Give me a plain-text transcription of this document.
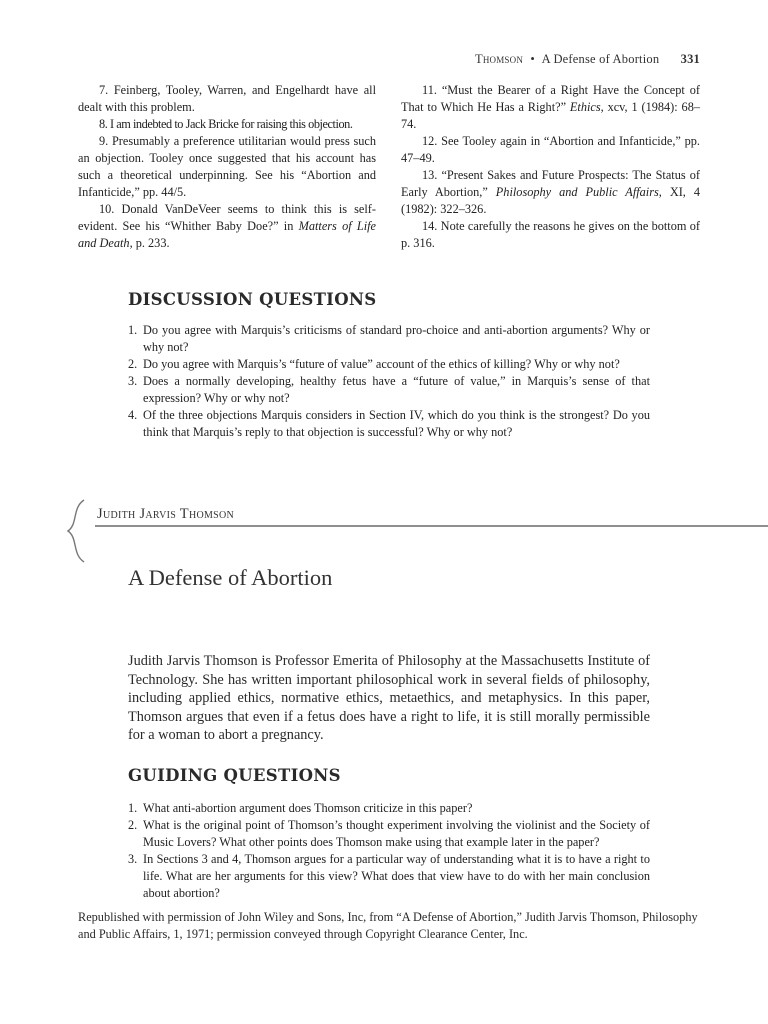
Thomson • A Defense of Abortion 331

7. Feinberg, Tooley, Warren, and Engelhardt have all dealt with this problem.

8. I am indebted to Jack Bricke for raising this objection.

9. Presumably a preference utilitarian would press such an objection. Tooley once suggested that his account has such a theoretical underpinning. See his “Abortion and Infanticide,” pp. 44/5.

10. Donald VanDeVeer seems to think this is self-evident. See his “Whither Baby Doe?” in Matters of Life and Death, p. 233.

11. “Must the Bearer of a Right Have the Concept of That to Which He Has a Right?” Ethics, xcv, 1 (1984): 68–74.

12. See Tooley again in “Abortion and Infanticide,” pp. 47–49.

13. “Present Sakes and Future Prospects: The Status of Early Abortion,” Philosophy and Public Affairs, XI, 4 (1982): 322–326.

14. Note carefully the reasons he gives on the bottom of p. 316.

DISCUSSION QUESTIONS
1. Do you agree with Marquis’s criticisms of standard pro-choice and anti-abortion arguments? Why or why not?
2. Do you agree with Marquis’s “future of value” account of the ethics of killing? Why or why not?
3. Does a normally developing, healthy fetus have a “future of value,” in Marquis’s sense of that expression? Why or why not?
4. Of the three objections Marquis considers in Section IV, which do you think is the strongest? Do you think that Marquis’s reply to that objection is successful? Why or why not?
Judith Jarvis Thomson
A Defense of Abortion
Judith Jarvis Thomson is Professor Emerita of Philosophy at the Massachusetts Institute of Technology. She has written important philosophical work in several fields of philosophy, including applied ethics, normative ethics, metaethics, and metaphysics. In this paper, Thomson argues that even if a fetus does have a right to life, it is still morally permissible for a woman to abort a pregnancy.
GUIDING QUESTIONS
1. What anti-abortion argument does Thomson criticize in this paper?
2. What is the original point of Thomson’s thought experiment involving the violinist and the Society of Music Lovers? What other points does Thomson make using that example later in the paper?
3. In Sections 3 and 4, Thomson argues for a particular way of understanding what it is to have a right to life. What are her arguments for this view? What does that view have to do with her main conclusion about abortion?
Republished with permission of John Wiley and Sons, Inc, from “A Defense of Abortion,” Judith Jarvis Thomson, Philosophy and Public Affairs, 1, 1971; permission conveyed through Copyright Clearance Center, Inc.
